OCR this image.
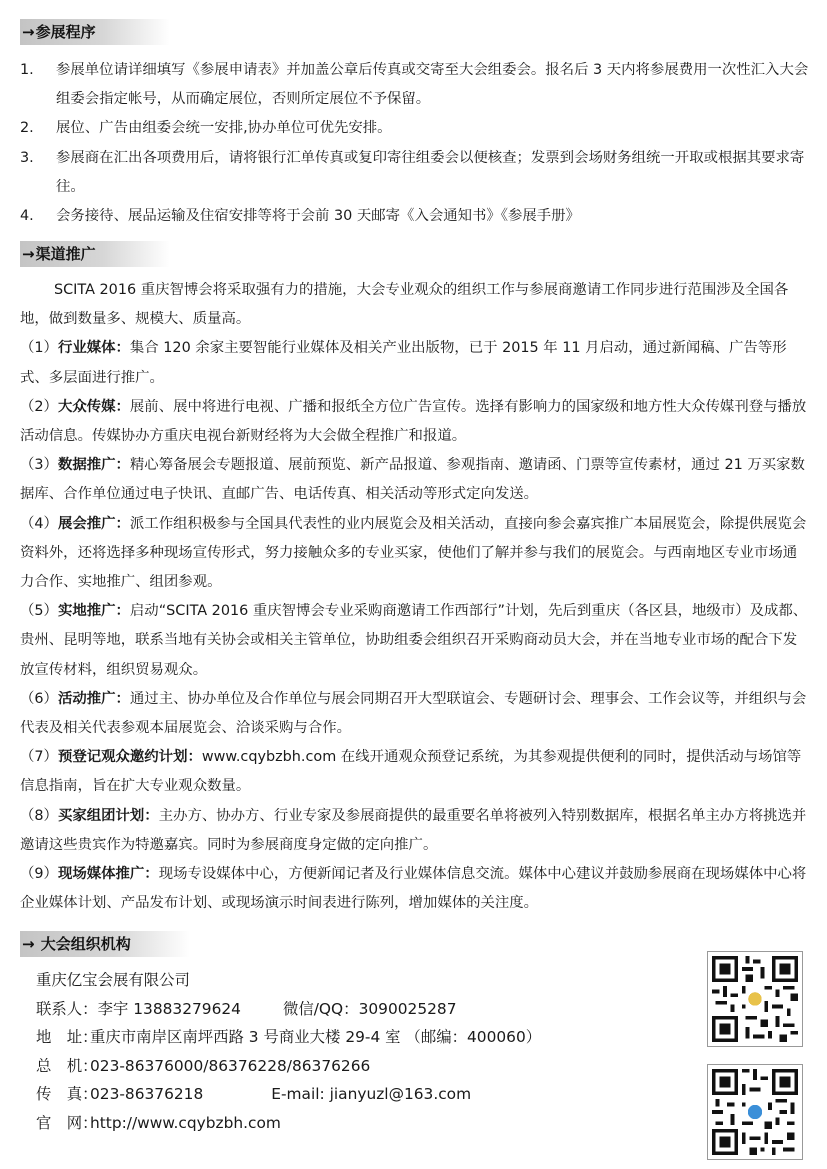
→参展程序
1.	参展单位请详细填写《参展申请表》并加盖公章后传真或交寄至大会组委会。报名后 3 天内将参展费用一次性汇入大会组委会指定帐号，从而确定展位，否则所定展位不予保留。
2.	展位、广告由组委会统一安排,协办单位可优先安排。
3.	参展商在汇出各项费用后，请将银行汇单传真或复印寄往组委会以便核查；发票到会场财务组统一开取或根据其要求寄往。
4.	会务接待、展品运输及住宿安排等将于会前 30 天邮寄《入会通知书》《参展手册》
→渠道推广
SCITA 2016 重庆智博会将采取强有力的措施，大会专业观众的组织工作与参展商邀请工作同步进行范围涉及全国各地，做到数量多、规模大、质量高。
（1）行业媒体：集合 120 余家主要智能行业媒体及相关产业出版物，已于 2015 年 11 月启动，通过新闻稿、广告等形式、多层面进行推广。
（2）大众传媒：展前、展中将进行电视、广播和报纸全方位广告宣传。选择有影响力的国家级和地方性大众传媒刊登与播放活动信息。传媒协办方重庆电视台新财经将为大会做全程推广和报道。
（3）数据推广：精心筹备展会专题报道、展前预览、新产品报道、参观指南、邀请函、门票等宣传素材，通过 21 万买家数据库、合作单位通过电子快讯、直邮广告、电话传真、相关活动等形式定向发送。
（4）展会推广：派工作组积极参与全国具代表性的业内展览会及相关活动，直接向参会嘉宾推广本届展览会，除提供展览会资料外，还将选择多种现场宣传形式，努力接触众多的专业买家，使他们了解并参与我们的展览会。与西南地区专业市场通力合作、实地推广、组团参观。
（5）实地推广：启动“SCITA 2016 重庆智博会专业采购商邀请工作西部行”计划，先后到重庆（各区县，地级市）及成都、贵州、昆明等地，联系当地有关协会或相关主管单位，协助组委会组织召开采购商动员大会，并在当地专业市场的配合下发放宣传材料，组织贸易观众。
（6）活动推广：通过主、协办单位及合作单位与展会同期召开大型联谊会、专题研讨会、理事会、工作会议等，并组织与会代表及相关代表参观本届展览会、洽谈采购与合作。
（7）预登记观众邀约计划：www.cqybzbh.com 在线开通观众预登记系统，为其参观提供便利的同时，提供活动与场馆等信息指南，旨在扩大专业观众数量。
（8）买家组团计划：主办方、协办方、行业专家及参展商提供的最重要名单将被列入特别数据库，根据名单主办方将挑选并邀请这些贵宾作为特邀嘉宾。同时为参展商度身定做的定向推广。
（9）现场媒体推广：现场专设媒体中心，方便新闻记者及行业媒体信息交流。媒体中心建议并鼓励参展商在现场媒体中心将企业媒体计划、产品发布计划、或现场演示时间表进行陈列，增加媒体的关注度。
→ 大会组织机构
重庆亿宝会展有限公司
联系人：李宇 13883279624	微信/QQ：3090025287
地　址：重庆市南岸区南坪西路 3 号商业大楼 29-4 室 （邮编：400060）
总　机：023-86376000/86376228/86376266
传　真：023-86376218	E-mail: jianyuzl@163.com
官　网：http://www.cqybzbh.com
